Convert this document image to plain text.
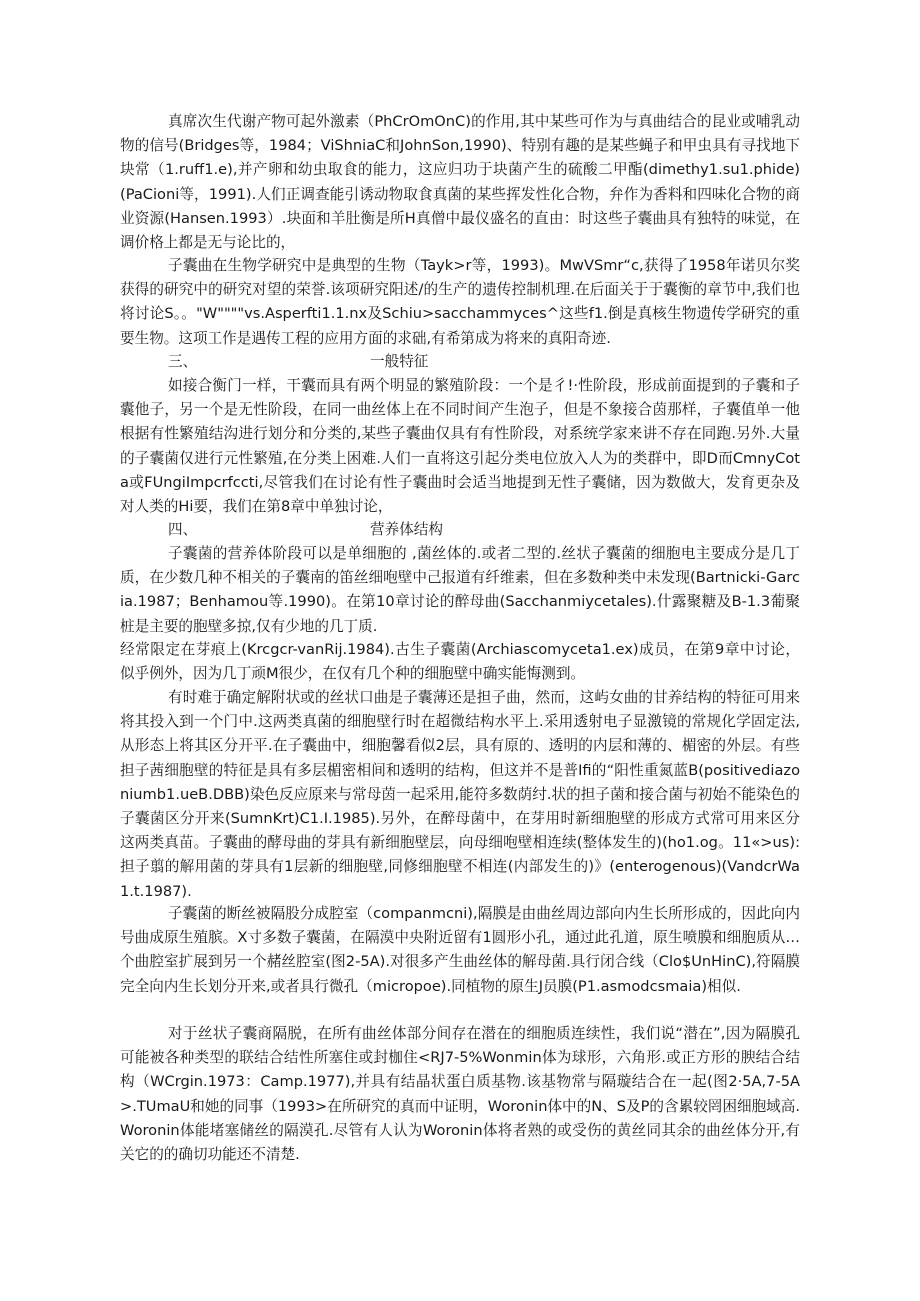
真席次生代谢产物可起外激素（PhCrOmOnC)的作用,其中某些可作为与真曲结合的昆业或哺乳动物的信号(Bridges等，1984；ViShniaC和JohnSon,1990)、特别有趣的是某些蝇子和甲虫具有寻找地下块常（1.ruff1.e),并产卵和幼虫取食的能力，这应归功于块菌产生的硫酸二甲酯(dimethy1.su1.phide)(PaCioni等，1991).人们正调查能引诱动物取食真菌的某些挥发性化合物，弁作为香料和四味化合物的商业资源(Hansen.1993）.块面和羊肚衡是所H真僧中最仪盛名的直由：时这些子囊曲具有独特的味觉，在调价格上都是无与论比的，

子囊曲在生物学研究中是典型的生物（Tayk>r等，1993)。MwVSmr“c,获得了1958年诺贝尔奖获得的研究中的研究对望的荣誉.该项研究阳述/的生产的遗传控制机理.在后面关于于囊衡的章节中,我们也将讨论S。。"W""""vs.Asperfti1.1.nx及Schiu>sacchammyces^这些f1.倒是真核生物遗传学研究的重要生物。这项工作是遇传工程的应用方面的求础,有希第成为将来的真阳奇迹.

三、	一般特征

如接合衡门一样，干囊而具有两个明显的繁殖阶段：一个是彳!·性阶段，形成前面提到的子囊和子囊他子，另一个是无性阶段，在同一曲丝体上在不同时间产生泡子，但是不象接合茵那样，子囊值单一他根据有性繁殖结沟进行划分和分类的,某些子囊曲仅具有有性阶段，对系统学家来讲不存在同跑.另外.大量的子囊菌仅进行元性繁殖,在分类上困难.人们一直将这引起分类电位放入人为的类群中，即D而CmnyCota或FUngiImpcrfccti,尽管我们在讨论有性子囊曲时会适当地提到无性子囊储，因为数做大，发育更杂及对人类的Hi要，我们在第8章中单独讨论，

四、	营养体结构

子囊菌的营养体阶段可以是单细胞的 ,菌丝体的.或者二型的.丝状子囊菌的细胞电主要成分是几丁质，在少数几种不相关的子囊南的笛丝细咆壁中己报道有纤维素，但在多数种类中未发现(Bartnicki-Garcia.1987；Benhamou等.1990)。在第10章讨论的醉母曲(Sacchanmiycetales).什露聚糖及B-1.3葡聚桩是主要的胞壁多掠,仅有少地的几丁质.

经常限定在芽痕上(Krcgcr-vanRij.1984).古生子囊菌(Archiascomyceta1.ex)成员，在第9章中讨论，似乎例外，因为几丁顽M很少，在仅有几个种的细胞壁中确实能悔测到。

有时难于确定解附状或的丝状口曲是子囊薄还是担子曲，然而，这屿女曲的甘养结构的特征可用来将其投入到一个门中.这两类真菌的细胞壁行时在超微结构水平上.采用透射电子显激镜的常规化学固定法,从形态上将其区分开平.在子囊曲中，细胞馨看似2层，具有原的、透明的内层和薄的、楣密的外层。有些担子茜细胞壁的特征是具有多层楣密相间和透明的结构，但这并不是普Ifi的“阳性重氮蓝B(positivediazoniumb1.ueB.DBB)染色反应原来与常母茵一起采用,能符多数荫纣.状的担子菌和接合菌与初始不能染色的子囊菌区分开来(SumnKrt)C1.I.1985).另外，在醉母菌中，在芽用时新细胞壁的形成方式常可用来区分这两类真苗。子囊曲的酵母曲的芽具有新细胞壁层，向母细咆壁相连续(整体发生的)(ho1.og。11«>us):担子翦的解用菌的芽具有1层新的细胞壁,同修细胞壁不相连(内部发生的)》(enterogenous)(VandcrWa1.t.1987).

子囊菌的断丝被隔股分成腔室（companmcni),隔膜是由曲丝周边部向内生长所形成的，因此向内号曲成原生殖膑。X寸多数子囊菌，在隔漠中央附近留有1圆形小孔，通过此孔道，原生喷膜和细胞质从…个曲腔室扩展到另一个赭丝腔室(图2-5A).对很多产生曲丝体的解母菌.具行闭合线（Clo$UnHinC),符隔膜完全向内生长划分开来,或者具行微孔（micropoe).同植物的原生J员膜(P1.asmodcsmaia)相似.

对于丝状子囊商隔脱，在所有曲丝体部分间存在潜在的细胞质连续性，我们说“潜在”,因为隔膜孔可能被各种类型的联结合结性所塞住或封枷住<RJ7-5%Wonmin体为球形，六角形.或正方形的腴结合结构（WCrgin.1973：Camp.1977),并具有结晶状蛋白质基物.该基物常与隔璇结合在一起(图2·5A,7-5A>.TUmaU和她的同事（1993>在所研究的真而中证明，Woronin体中的N、S及P的含累较罔困细胞域高.Woronin体能堵塞储丝的隔漠孔.尽管有人认为Woronin体将者熟的或受伤的黄丝同其余的曲丝体分开,有关它的的确切功能还不清楚.
